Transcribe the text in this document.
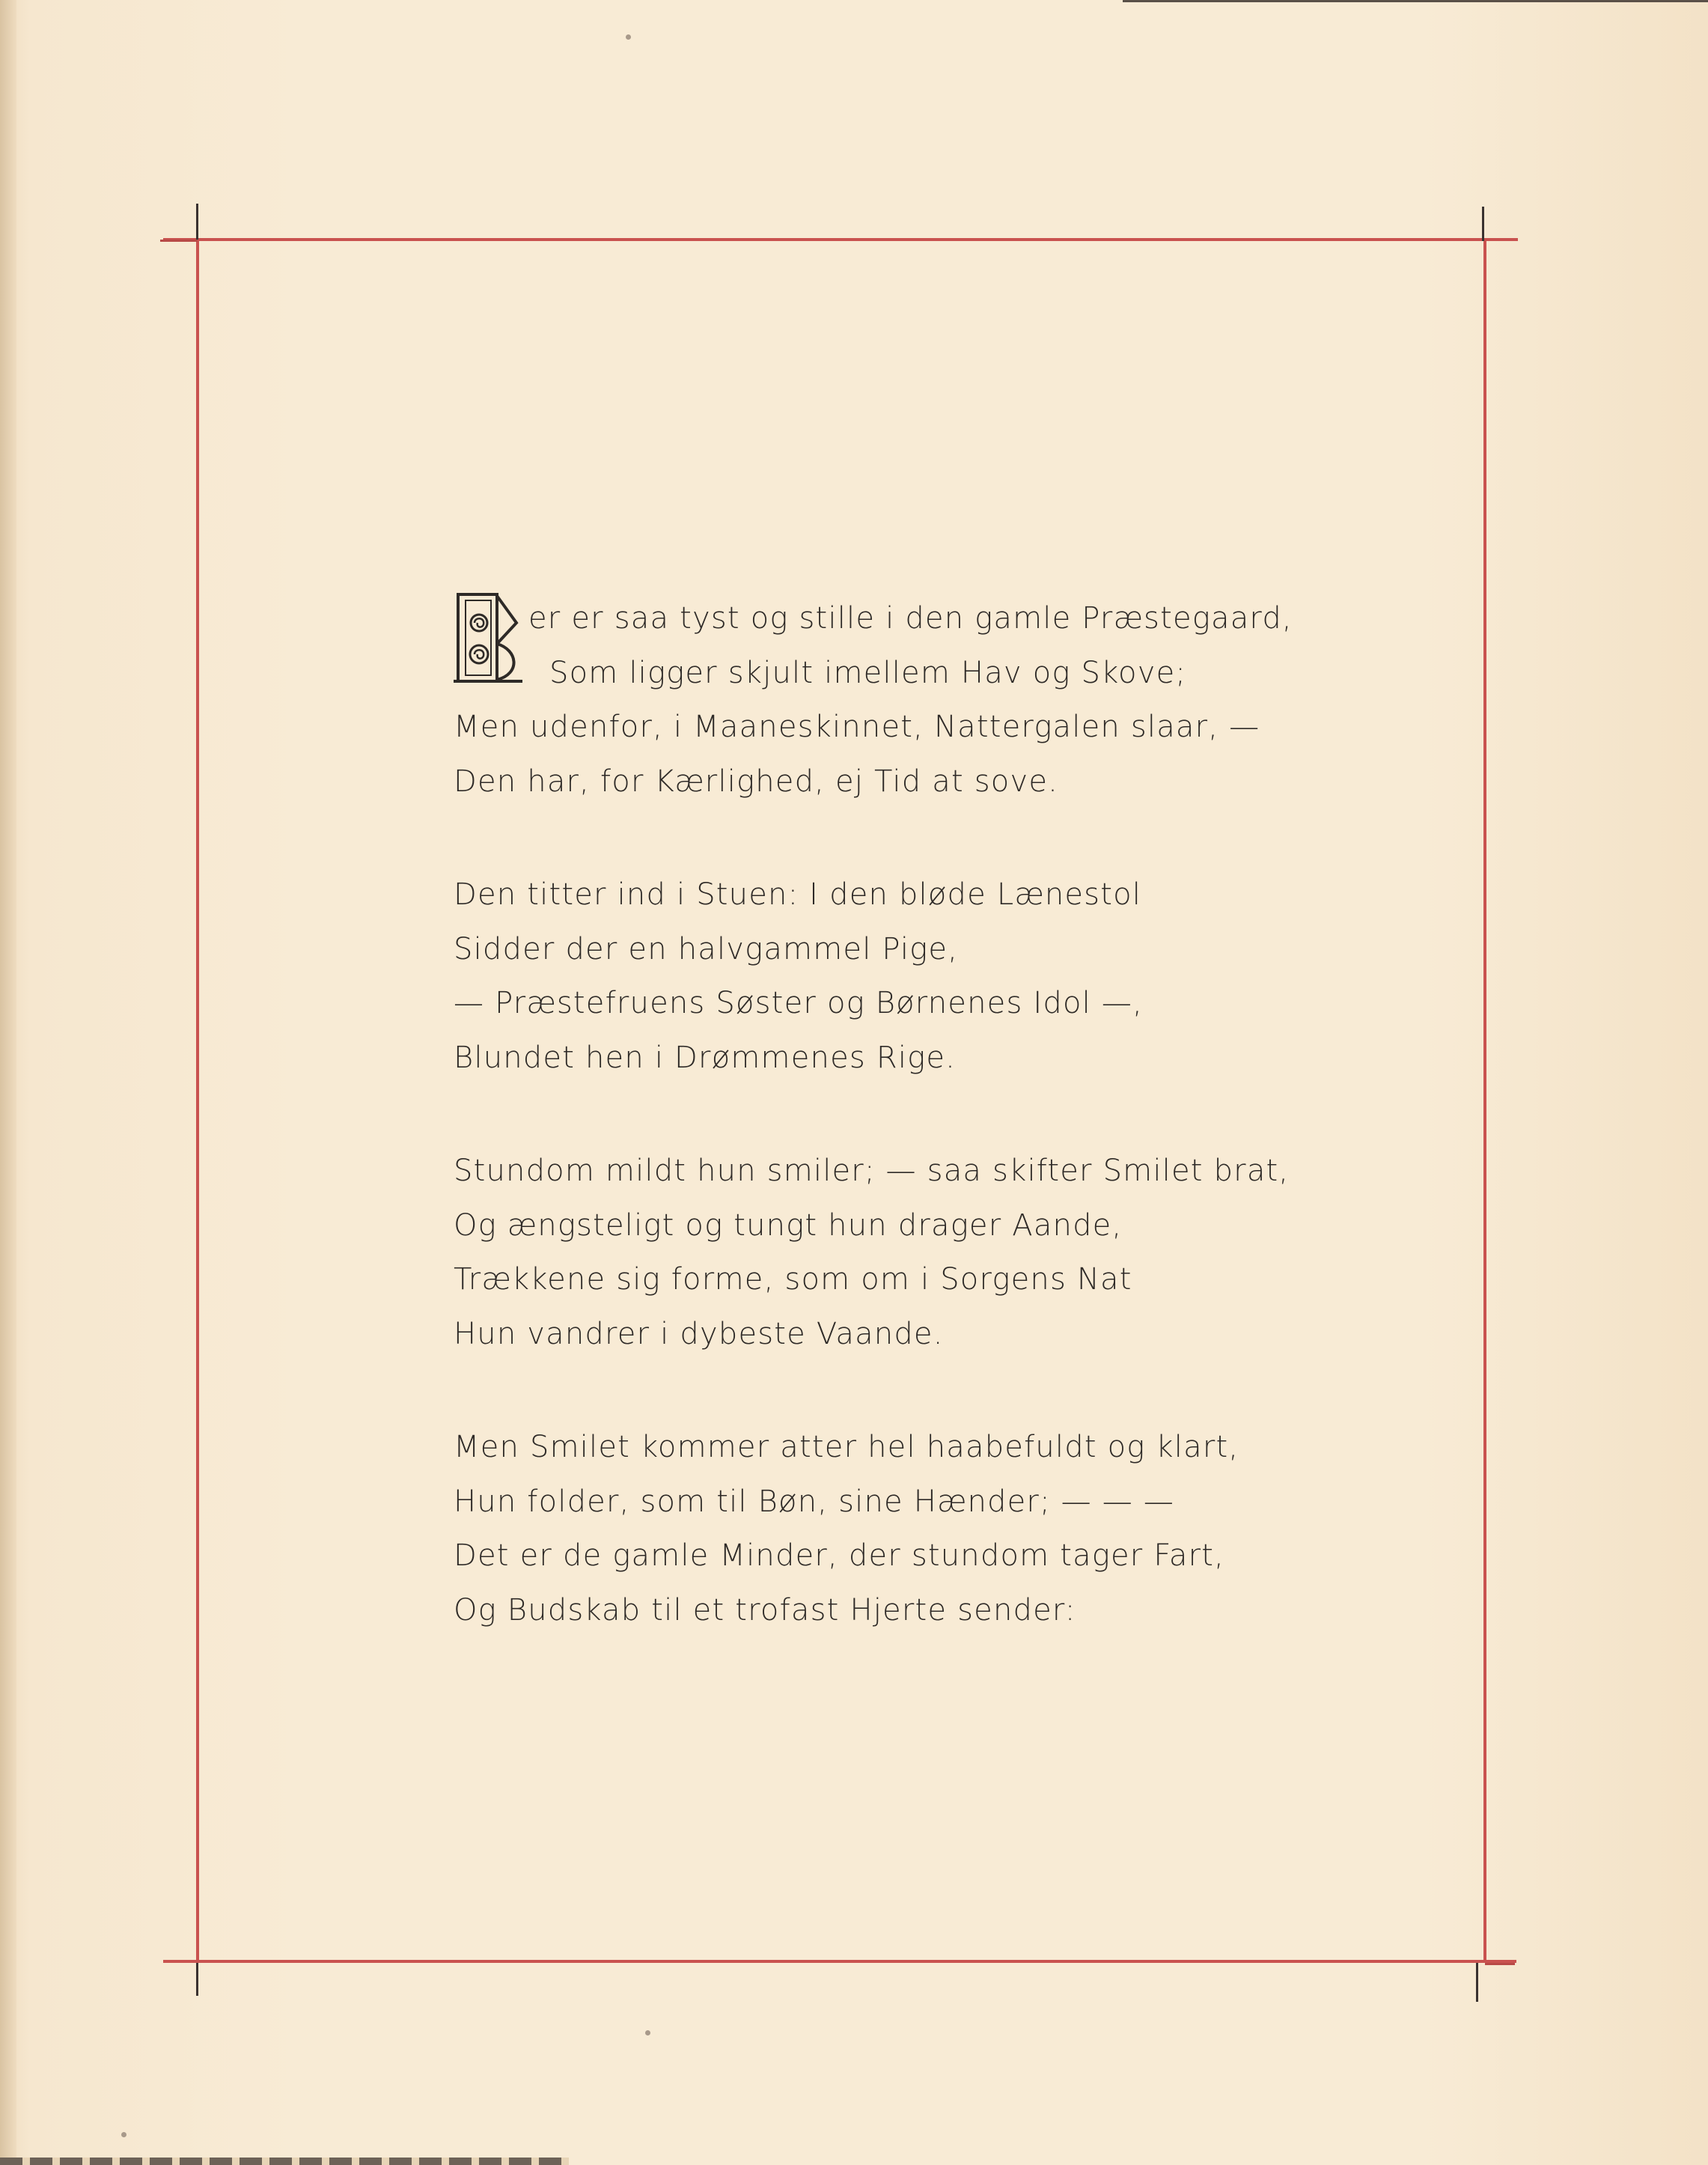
H
er er saa tyst og stille i den gamle Præstegaard,
Som ligger skjult imellem Hav og Skove;
Men udenfor, i Maaneskinnet, Nattergalen slaar, —
Den har, for Kærlighed, ej Tid at sove.
Den titter ind i Stuen: I den bløde Lænestol
Sidder der en halvgammel Pige,
— Præstefruens Søster og Børnenes Idol —,
Blundet hen i Drømmenes Rige.
Stundom mildt hun smiler; — saa skifter Smilet brat,
Og ængsteligt og tungt hun drager Aande,
Trækkene sig forme, som om i Sorgens Nat
Hun vandrer i dybeste Vaande.
Men Smilet kommer atter hel haabefuldt og klart,
Hun folder, som til Bøn, sine Hænder; — — —
Det er de gamle Minder, der stundom tager Fart,
Og Budskab til et trofast Hjerte sender:
